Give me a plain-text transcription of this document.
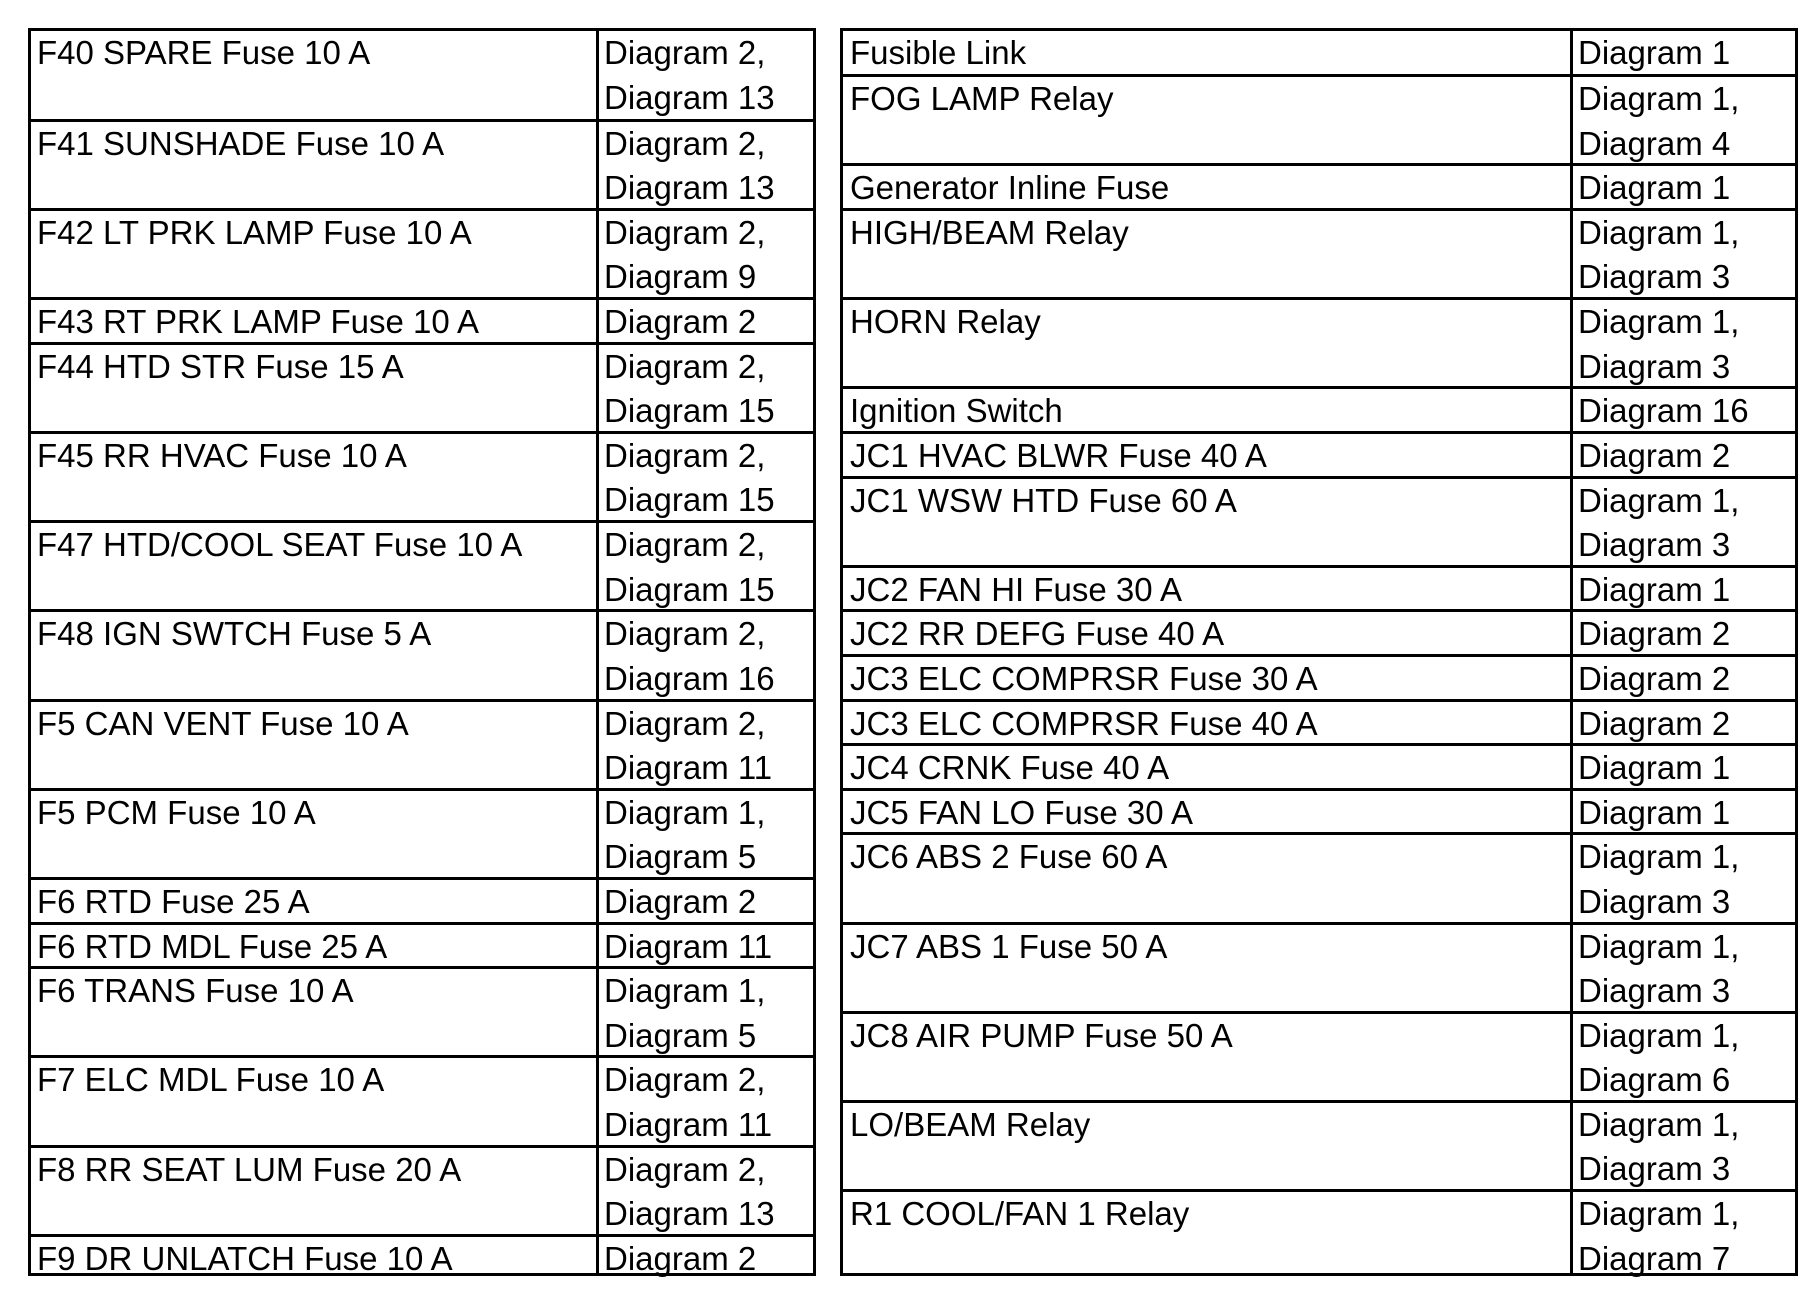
F40 SPARE Fuse 10 A	Diagram 2,
Diagram 13
F41 SUNSHADE Fuse 10 A	Diagram 2,
Diagram 13
F42 LT PRK LAMP Fuse 10 A	Diagram 2,
Diagram 9
F43 RT PRK LAMP Fuse 10 A	Diagram 2
F44 HTD STR Fuse 15 A	Diagram 2,
Diagram 15
F45 RR HVAC Fuse 10 A	Diagram 2,
Diagram 15
F47 HTD/COOL SEAT Fuse 10 A	Diagram 2,
Diagram 15
F48 IGN SWTCH Fuse 5 A	Diagram 2,
Diagram 16
F5 CAN VENT Fuse 10 A	Diagram 2,
Diagram 11
F5 PCM Fuse 10 A	Diagram 1,
Diagram 5
F6 RTD Fuse 25 A	Diagram 2
F6 RTD MDL Fuse 25 A	Diagram 11
F6 TRANS Fuse 10 A	Diagram 1,
Diagram 5
F7 ELC MDL Fuse 10 A	Diagram 2,
Diagram 11
F8 RR SEAT LUM Fuse 20 A	Diagram 2,
Diagram 13
F9 DR UNLATCH Fuse 10 A	Diagram 2
Fusible Link	Diagram 1
FOG LAMP Relay	Diagram 1,
Diagram 4
Generator Inline Fuse	Diagram 1
HIGH/BEAM Relay	Diagram 1,
Diagram 3
HORN Relay	Diagram 1,
Diagram 3
Ignition Switch	Diagram 16
JC1 HVAC BLWR Fuse 40 A	Diagram 2
JC1 WSW HTD Fuse 60 A	Diagram 1,
Diagram 3
JC2 FAN HI Fuse 30 A	Diagram 1
JC2 RR DEFG Fuse 40 A	Diagram 2
JC3 ELC COMPRSR Fuse 30 A	Diagram 2
JC3 ELC COMPRSR Fuse 40 A	Diagram 2
JC4 CRNK Fuse 40 A	Diagram 1
JC5 FAN LO Fuse 30 A	Diagram 1
JC6 ABS 2 Fuse 60 A	Diagram 1,
Diagram 3
JC7 ABS 1 Fuse 50 A	Diagram 1,
Diagram 3
JC8 AIR PUMP Fuse 50 A	Diagram 1,
Diagram 6
LO/BEAM Relay	Diagram 1,
Diagram 3
R1 COOL/FAN 1 Relay	Diagram 1,
Diagram 7
